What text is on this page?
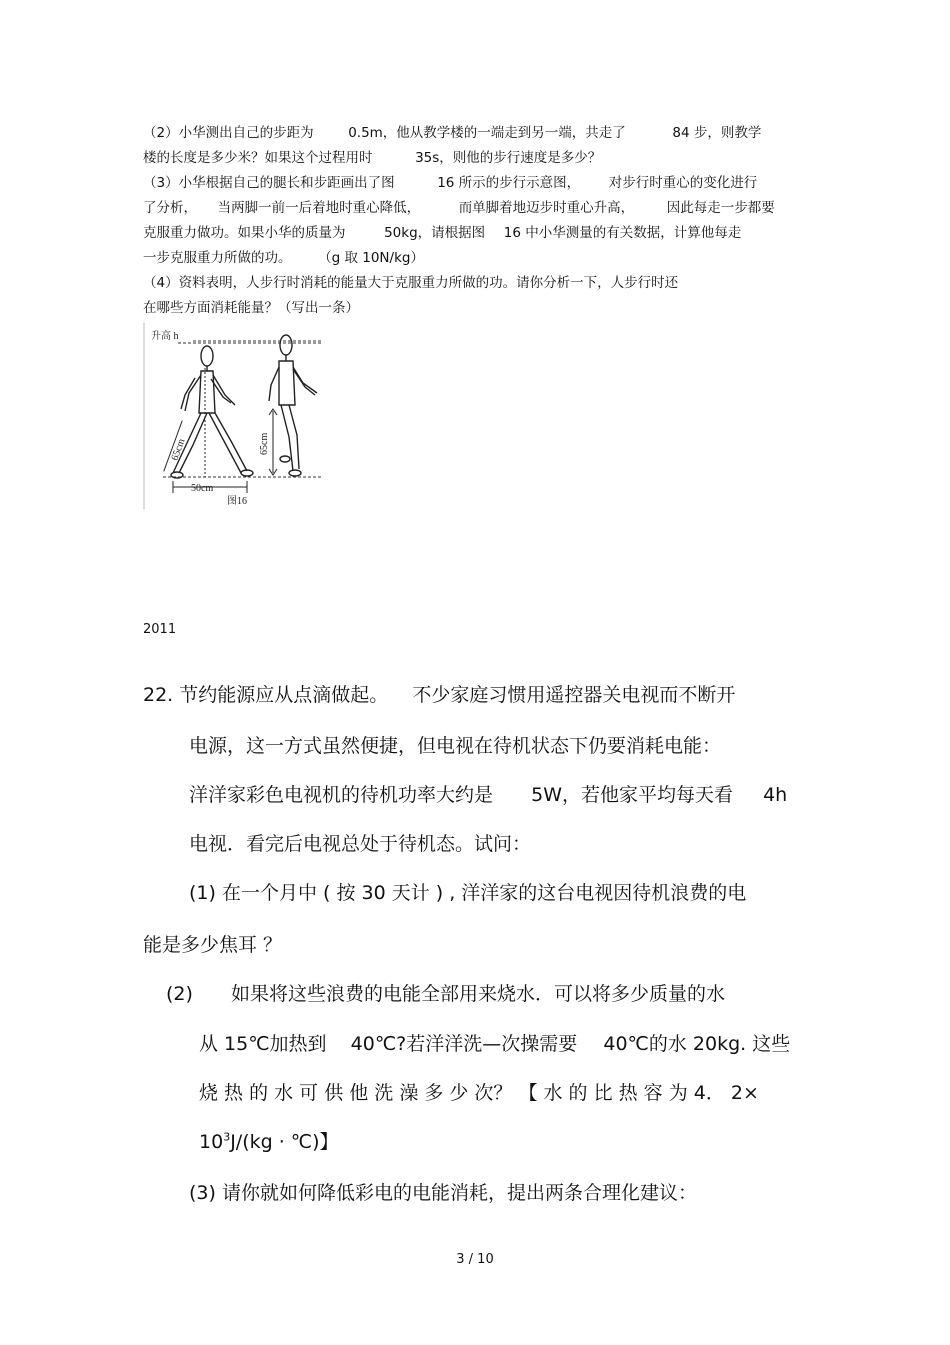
（2）小华测出自己的步距为	0.5m，他从教学楼的一端走到另一端，共走了	84 步，则教学
楼的长度是多少米？如果这个过程用时	35s，则他的步行速度是多少？
（3）小华根据自己的腿长和步距画出了图	16 所示的步行示意图， 对步行时重心的变化进行
了分析， 当两脚一前一后着地时重心降低，	而单脚着地迈步时重心升高， 因此每走一步都要
克服重力做功。如果小华的质量为	50kg，请根据图 16 中小华测量的有关数据，计算他每走
一步克服重力所做的功。 （g 取 10N/kg）
（4）资料表明，人步行时消耗的能量大于克服重力所做的功。请你分析一下，人步行时还
在哪些方面消耗能量？（写出一条）
升高 h
65cm	65cm
50cm
图16
2011
22. 节约能源应从点滴做起。 不少家庭习惯用遥控器关电视而不断开
电源，这一方式虽然便捷，但电视在待机状态下仍要消耗电能：
洋洋家彩色电视机的待机功率大约是 5W，若他家平均每天看 4h
电视．看完后电视总处于待机态。试问：
(1) 在一个月中 ( 按 30 天计 ) , 洋洋家的这台电视因待机浪费的电
能是多少焦耳 ？
(2) 如果将这些浪费的电能全部用来烧水．可以将多少质量的水
从 15℃加热到 40℃?若洋洋洗—次操需要 40℃的水 20kg. 这些
烧 热 的 水 可 供 他 洗 澡 多 少 次？ 【 水 的 比 热 容 为 4． 2×
$10^3J/(kg$ · ℃)】
(3) 请你就如何降低彩电的电能消耗，提出两条合理化建议：
3 / 10
